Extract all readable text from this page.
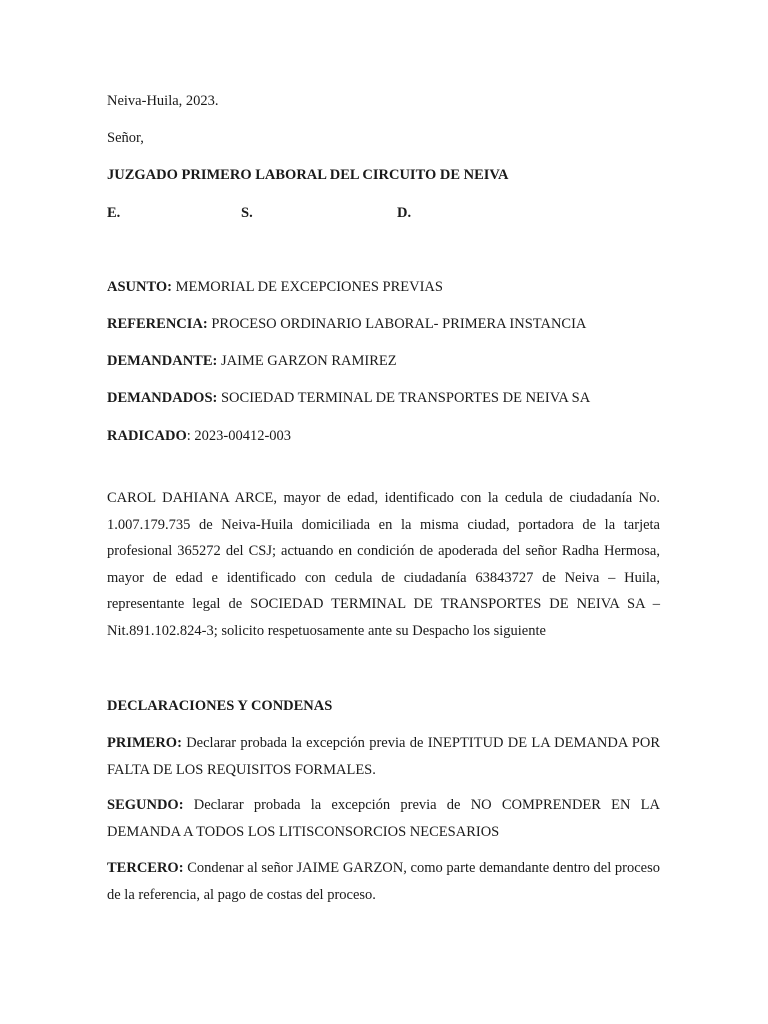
Neiva-Huila, 2023.
Señor,
JUZGADO PRIMERO LABORAL DEL CIRCUITO DE NEIVA
E.	S.	D.
ASUNTO: MEMORIAL DE EXCEPCIONES PREVIAS
REFERENCIA: PROCESO ORDINARIO LABORAL- PRIMERA INSTANCIA
DEMANDANTE: JAIME GARZON RAMIREZ
DEMANDADOS: SOCIEDAD TERMINAL DE TRANSPORTES DE NEIVA SA
RADICADO: 2023-00412-003
CAROL DAHIANA ARCE, mayor de edad, identificado con la cedula de ciudadanía No. 1.007.179.735 de Neiva-Huila domiciliada en la misma ciudad, portadora de la tarjeta profesional 365272 del CSJ; actuando en condición de apoderada del señor Radha Hermosa, mayor de edad e identificado con cedula de ciudadanía 63843727 de Neiva – Huila, representante legal de SOCIEDAD TERMINAL DE TRANSPORTES DE NEIVA SA – Nit.891.102.824-3; solicito respetuosamente ante su Despacho los siguiente
DECLARACIONES Y CONDENAS
PRIMERO: Declarar probada la excepción previa de INEPTITUD DE LA DEMANDA POR FALTA DE LOS REQUISITOS FORMALES.
SEGUNDO: Declarar probada la excepción previa de NO COMPRENDER EN LA DEMANDA A TODOS LOS LITISCONSORCIOS NECESARIOS
TERCERO: Condenar al señor JAIME GARZON, como parte demandante dentro del proceso de la referencia, al pago de costas del proceso.
